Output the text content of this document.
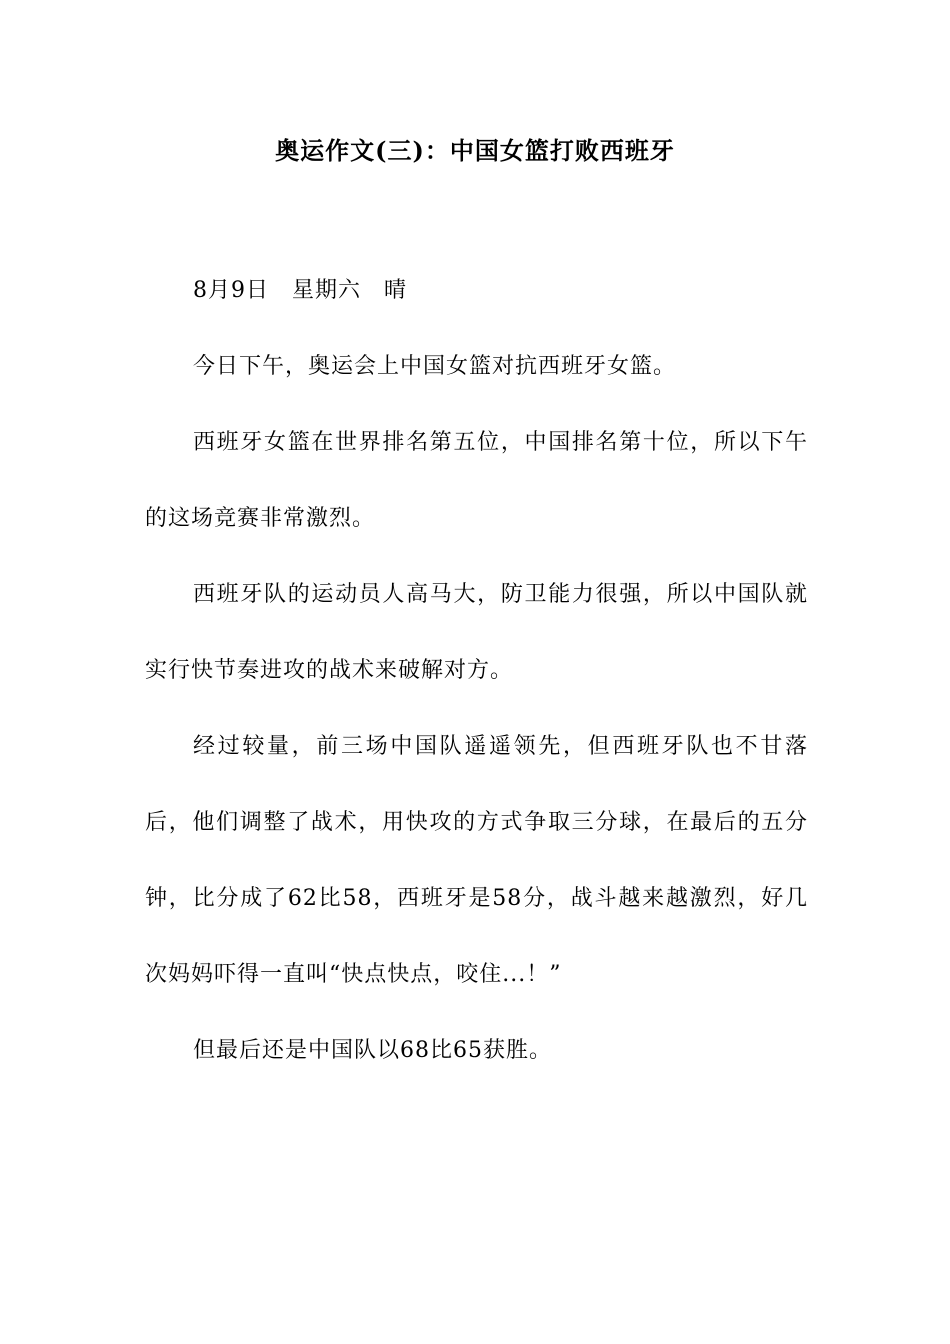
奥运作文(三)：中国女篮打败西班牙

8月9日　星期六　晴

今日下午，奥运会上中国女篮对抗西班牙女篮。

西班牙女篮在世界排名第五位，中国排名第十位，所以下午的这场竞赛非常激烈。

西班牙队的运动员人高马大，防卫能力很强，所以中国队就实行快节奏进攻的战术来破解对方。

经过较量，前三场中国队遥遥领先，但西班牙队也不甘落后，他们调整了战术，用快攻的方式争取三分球，在最后的五分钟，比分成了62比58，西班牙是58分，战斗越来越激烈，好几次妈妈吓得一直叫“快点快点，咬住...！”

但最后还是中国队以68比65获胜。
